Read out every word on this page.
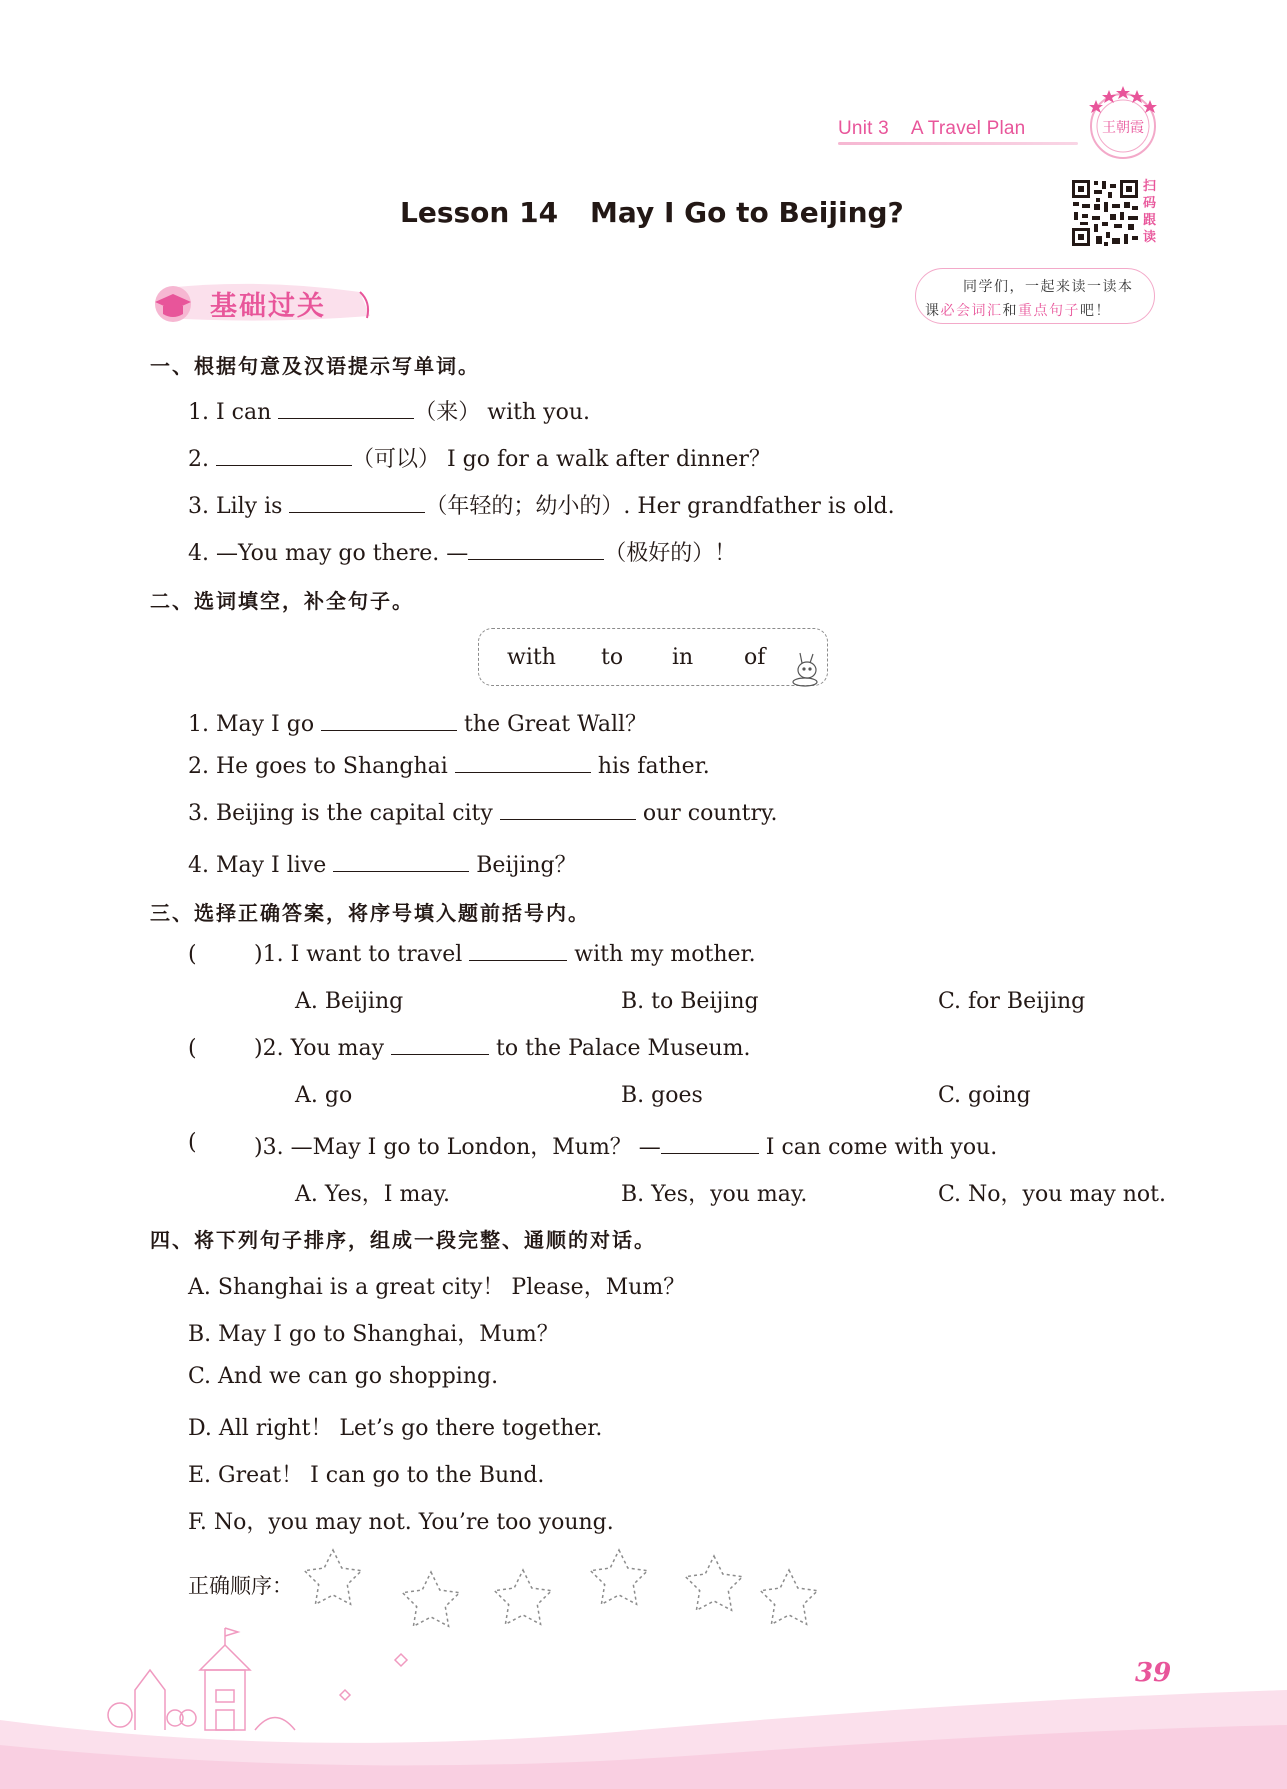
Unit 3 A Travel Plan	王朝霞
Lesson 14 May I Go to Beijing?
扫
码
跟
读
同学们，一起来读一读本
课必会词汇和重点句子吧！
基础过关
一、根据句意及汉语提示写单词。
1. I can	（来） with you.
2.	（可以） I go for a walk after dinner？
3. Lily is	（年轻的；幼小的）. Her grandfather is old.
4. —You may go there. —	（极好的）！
二、选词填空，补全句子。
with to in of
1. May I go	the Great Wall？
2. He goes to Shanghai	his father.
3. Beijing is the capital city	our country.
4. May I live	Beijing？
三、选择正确答案，将序号填入题前括号内。
(	)1. I want to travel	with my mother.
A. Beijing	B. to Beijing	C. for Beijing
(	)2. You may	to the Palace Museum.
A. go	B. goes	C. going
(	)3. —May I go to London，Mum？ —	I can come with you.
A. Yes，I may.	B. Yes，you may.	C. No，you may not.
四、将下列句子排序，组成一段完整、通顺的对话。
A. Shanghai is a great city！ Please，Mum？
B. May I go to Shanghai，Mum？
C. And we can go shopping.
D. All right！ Let’s go there together.
E. Great！ I can go to the Bund.
F. No，you may not. You’re too young.
正确顺序：
39
